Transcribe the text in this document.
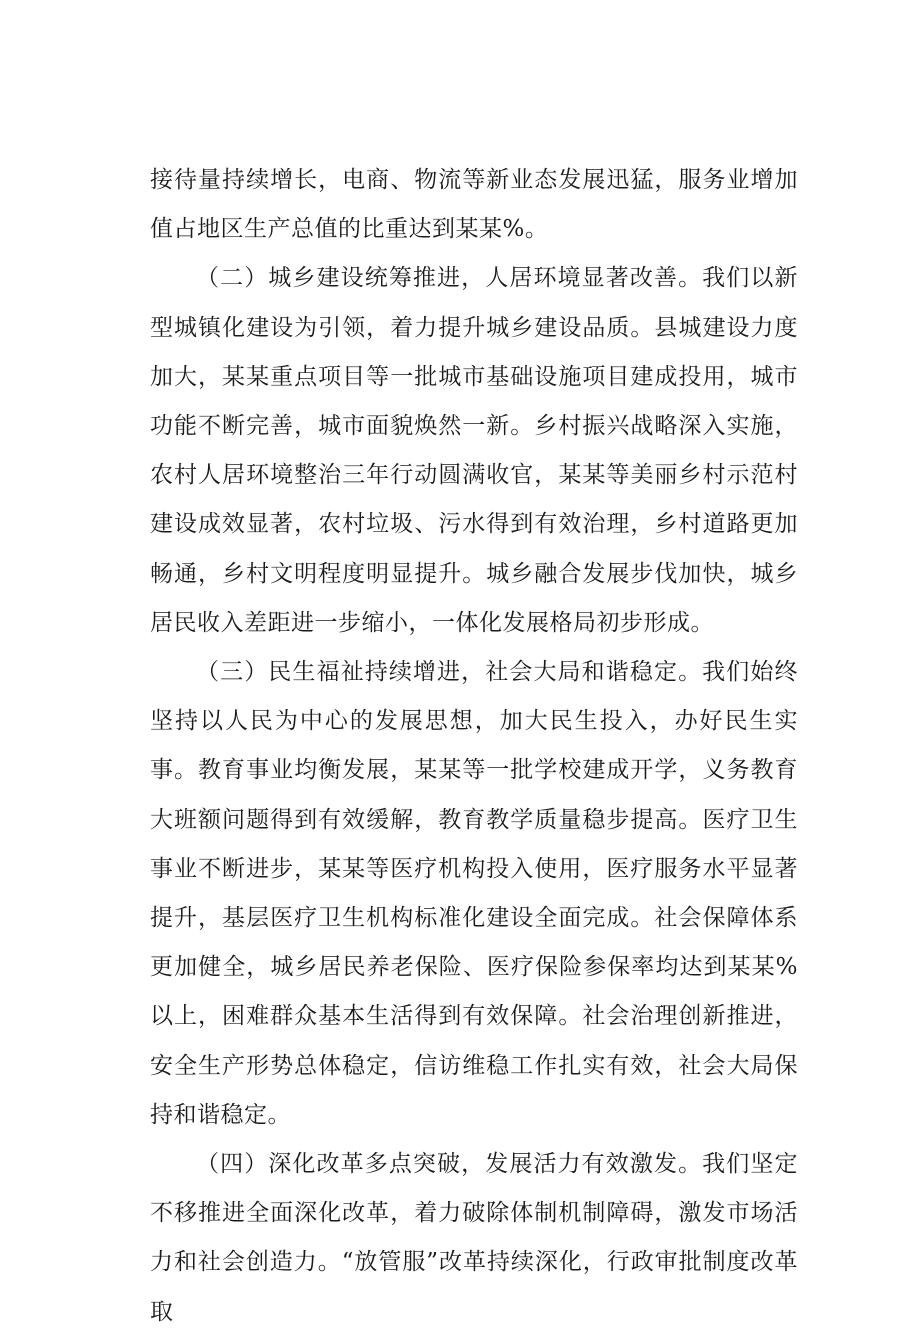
接待量持续增长，电商、物流等新业态发展迅猛，服务业增加值占地区生产总值的比重达到某某%。

（二）城乡建设统筹推进，人居环境显著改善。我们以新型城镇化建设为引领，着力提升城乡建设品质。县城建设力度加大，某某重点项目等一批城市基础设施项目建成投用，城市功能不断完善，城市面貌焕然一新。乡村振兴战略深入实施，农村人居环境整治三年行动圆满收官，某某等美丽乡村示范村建设成效显著，农村垃圾、污水得到有效治理，乡村道路更加畅通，乡村文明程度明显提升。城乡融合发展步伐加快，城乡居民收入差距进一步缩小，一体化发展格局初步形成。

（三）民生福祉持续增进，社会大局和谐稳定。我们始终坚持以人民为中心的发展思想，加大民生投入，办好民生实事。教育事业均衡发展，某某等一批学校建成开学，义务教育大班额问题得到有效缓解，教育教学质量稳步提高。医疗卫生事业不断进步，某某等医疗机构投入使用，医疗服务水平显著提升，基层医疗卫生机构标准化建设全面完成。社会保障体系更加健全，城乡居民养老保险、医疗保险参保率均达到某某%以上，困难群众基本生活得到有效保障。社会治理创新推进，安全生产形势总体稳定，信访维稳工作扎实有效，社会大局保持和谐稳定。

（四）深化改革多点突破，发展活力有效激发。我们坚定不移推进全面深化改革，着力破除体制机制障碍，激发市场活力和社会创造力。“放管服”改革持续深化，行政审批制度改革取
